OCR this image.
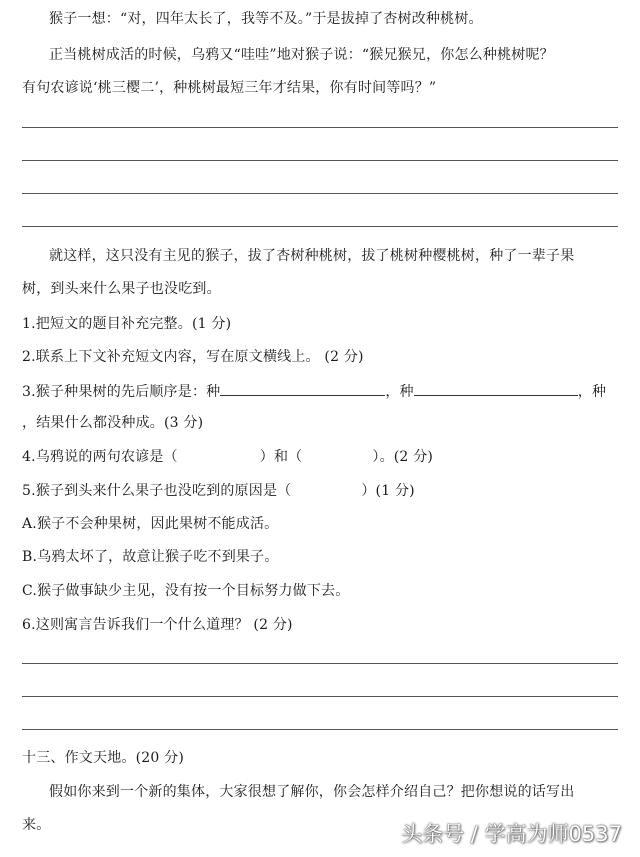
猴子一想：“对，四年太长了，我等不及。”于是拔掉了杏树改种桃树。
正当桃树成活的时候，乌鸦又“哇哇”地对猴子说：“猴兄猴兄，你怎么种桃树呢？
有句农谚说‘桃三樱二’，种桃树最短三年才结果，你有时间等吗？”
就这样，这只没有主见的猴子，拔了杏树种桃树，拔了桃树种樱桃树，种了一辈子果
树，到头来什么果子也没吃到。
1.把短文的题目补充完整。(1 分)
2.联系上下文补充短文内容，写在原文横线上。 (2 分)
3.猴子种果树的先后顺序是：种	，种	，种
，结果什么都没种成。(3 分)
4.乌鸦说的两句农谚是（	）和（	）。(2 分)
5.猴子到头来什么果子也没吃到的原因是（	）(1 分)
A.猴子不会种果树，因此果树不能成活。
B.乌鸦太坏了，故意让猴子吃不到果子。
C.猴子做事缺少主见，没有按一个目标努力做下去。
6.这则寓言告诉我们一个什么道理？ (2 分)
十三、作文天地。(20 分)
假如你来到一个新的集体，大家很想了解你，你会怎样介绍自己？把你想说的话写出
来。	头条号 / 学高为师0537
